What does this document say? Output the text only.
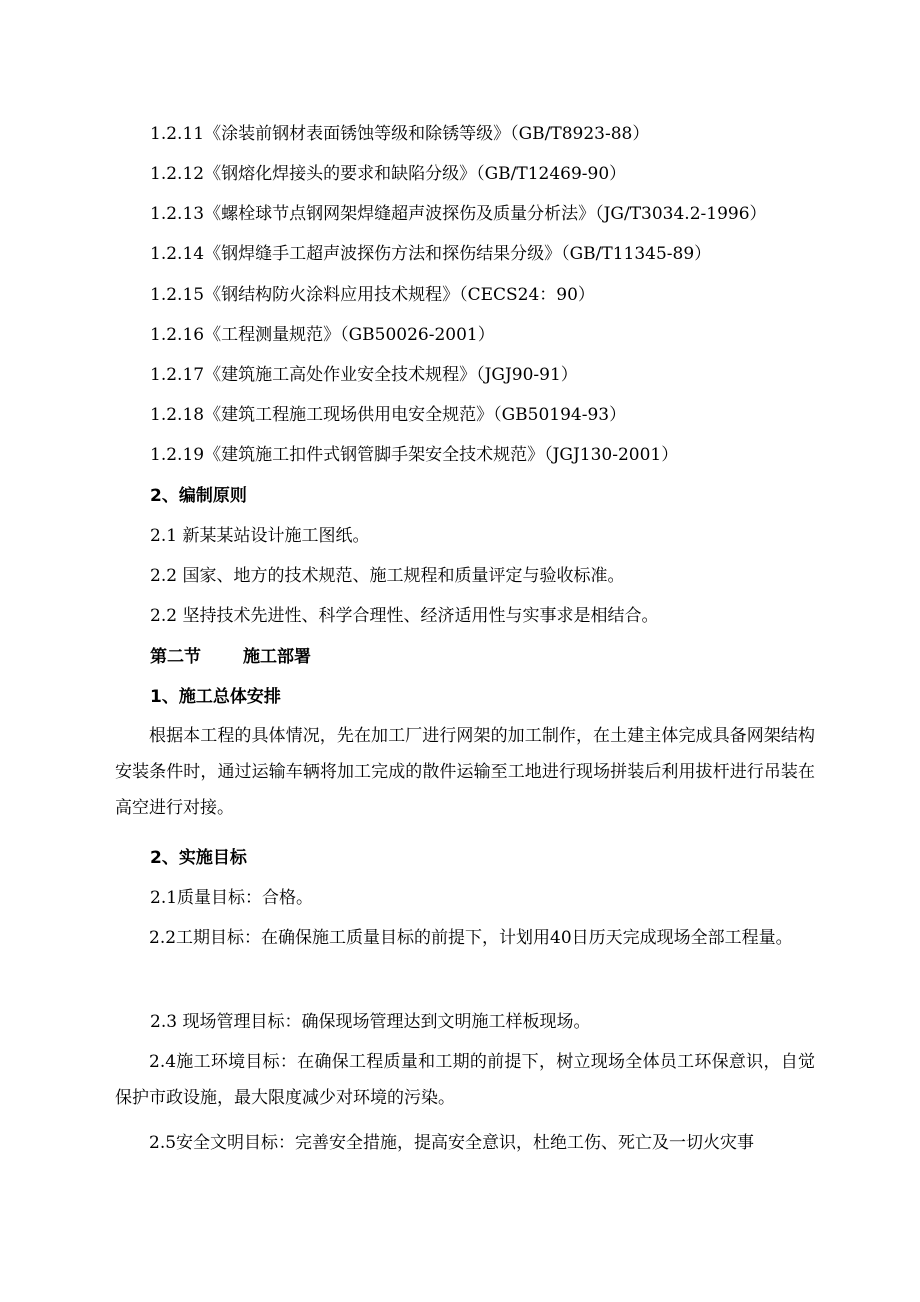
1.2.11《涂装前钢材表面锈蚀等级和除锈等级》（GB/T8923-88）
1.2.12《钢熔化焊接头的要求和缺陷分级》（GB/T12469-90）
1.2.13《螺栓球节点钢网架焊缝超声波探伤及质量分析法》（JG/T3034.2-1996）
1.2.14《钢焊缝手工超声波探伤方法和探伤结果分级》（GB/T11345-89）
1.2.15《钢结构防火涂料应用技术规程》（CECS24：90）
1.2.16《工程测量规范》（GB50026-2001）
1.2.17《建筑施工高处作业安全技术规程》（JGJ90-91）
1.2.18《建筑工程施工现场供用电安全规范》（GB50194-93）
1.2.19《建筑施工扣件式钢管脚手架安全技术规范》（JGJ130-2001）
2、编制原则
2.1 新某某站设计施工图纸。
2.2 国家、地方的技术规范、施工规程和质量评定与验收标准。
2.2 坚持技术先进性、科学合理性、经济适用性与实事求是相结合。
第二节 施工部署
1、施工总体安排

根据本工程的具体情况，先在加工厂进行网架的加工制作，在土建主体完成具备网架结构安装条件时，通过运输车辆将加工完成的散件运输至工地进行现场拼装后利用拔杆进行吊装在高空进行对接。

2、实施目标
2.1质量目标：合格。

2.2工期目标：在确保施工质量目标的前提下，计划用40日历天完成现场全部工程量。

2.3 现场管理目标：确保现场管理达到文明施工样板现场。

2.4施工环境目标：在确保工程质量和工期的前提下，树立现场全体员工环保意识，自觉保护市政设施，最大限度减少对环境的污染。

2.5安全文明目标：完善安全措施，提高安全意识，杜绝工伤、死亡及一切火灾事
